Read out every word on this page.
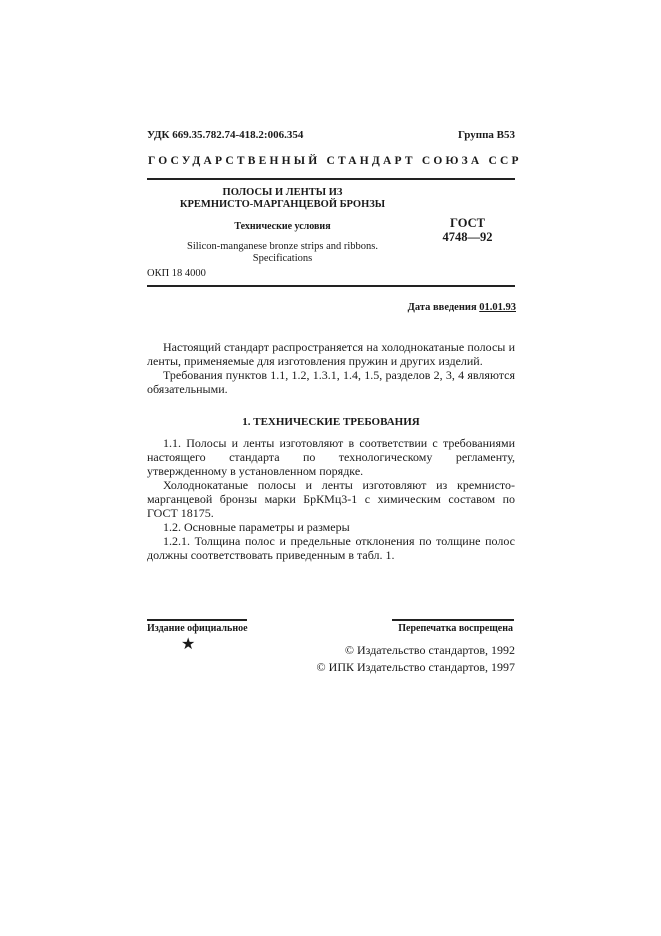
УДК 669.35.782.74-418.2:006.354	Группа В53
ГОСУДАРСТВЕННЫЙ СТАНДАРТ СОЮЗА ССР
ПОЛОСЫ И ЛЕНТЫ ИЗ
КРЕМНИСТО-МАРГАНЦЕВОЙ БРОНЗЫ
Технические условия
Silicon-manganese bronze strips and ribbons.
Specifications
ГОСТ
4748—92
ОКП 18 4000
Дата введения 01.01.93

Настоящий стандарт распространяется на холоднокатаные полосы и ленты, применяемые для изготовления пружин и других изделий.

Требования пунктов 1.1, 1.2, 1.3.1, 1.4, 1.5, разделов 2, 3, 4 являются обязательными.

1. ТЕХНИЧЕСКИЕ ТРЕБОВАНИЯ

1.1. Полосы и ленты изготовляют в соответствии с требованиями настоящего стандарта по технологическому регламенту, утвержденному в установленном порядке.

Холоднокатаные полосы и ленты изготовляют из кремнисто-марганцевой бронзы марки БрКМц3-1 с химическим составом по ГОСТ 18175.

1.2. Основные параметры и размеры

1.2.1. Толщина полос и предельные отклонения по толщине полос должны соответствовать приведенным в табл. 1.

Издание официальное	Перепечатка воспрещена
★	© Издательство стандартов, 1992
© ИПК Издательство стандартов, 1997
